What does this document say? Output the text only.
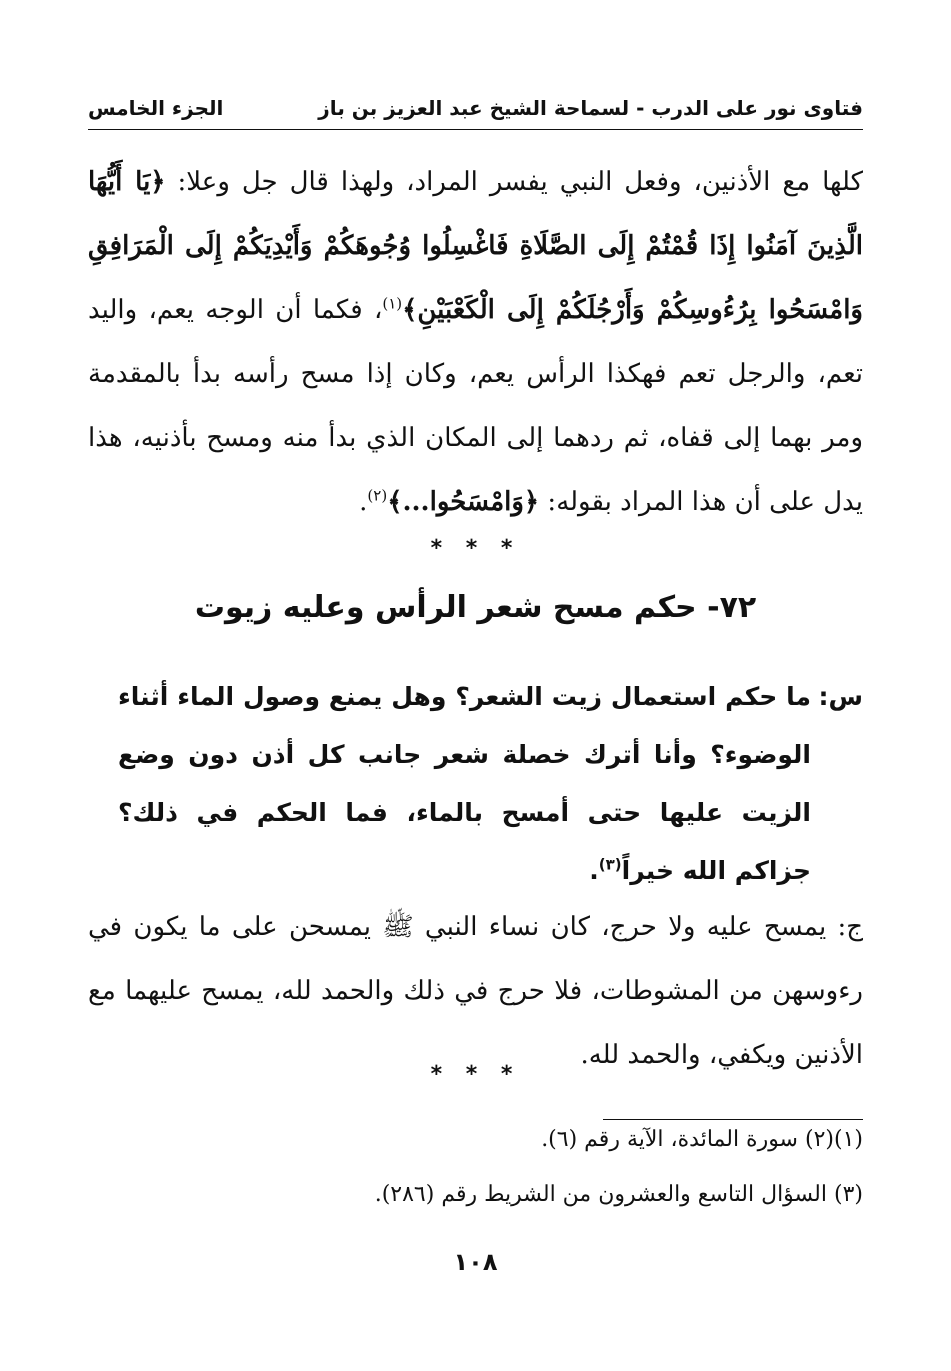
فتاوى نور على الدرب - لسماحة الشيخ عبد العزيز بن باز
الجزء الخامس

كلها مع الأذنين، وفعل النبي يفسر المراد، ولهذا قال جل وعلا: ﴿يَا أَيُّهَا الَّذِينَ آمَنُوا إِذَا قُمْتُمْ إِلَى الصَّلَاةِ فَاغْسِلُوا وُجُوهَكُمْ وَأَيْدِيَكُمْ إِلَى الْمَرَافِقِ وَامْسَحُوا بِرُءُوسِكُمْ وَأَرْجُلَكُمْ إِلَى الْكَعْبَيْنِ﴾$^{(١)}$، فكما أن الوجه يعم، واليد تعم، والرجل تعم فهكذا الرأس يعم، وكان إذا مسح رأسه بدأ بالمقدمة ومر بهما إلى قفاه، ثم ردهما إلى المكان الذي بدأ منه ومسح بأذنيه، هذا يدل على أن هذا المراد بقوله: ﴿وَامْسَحُوا...﴾$^{(٢)}$.

* * *
٧٢- حكم مسح شعر الرأس وعليه زيوت
س:

ما حكم استعمال زيت الشعر؟ وهل يمنع وصول الماء أثناء الوضوء؟ وأنا أترك خصلة شعر جانب كل أذن دون وضع الزيت عليها حتى أمسح بالماء، فما الحكم في ذلك؟ جزاكم الله خيراً$^{(٣)}$.

ج: يمسح عليه ولا حرج، كان نساء النبي ﷺ يمسحن على ما يكون في رءوسهن من المشوطات، فلا حرج في ذلك والحمد لله، يمسح عليهما مع الأذنين ويكفي، والحمد لله.

* * *

(١)(٢) سورة المائدة، الآية رقم (٦).

(٣) السؤال التاسع والعشرون من الشريط رقم (٢٨٦).

١٠٨
